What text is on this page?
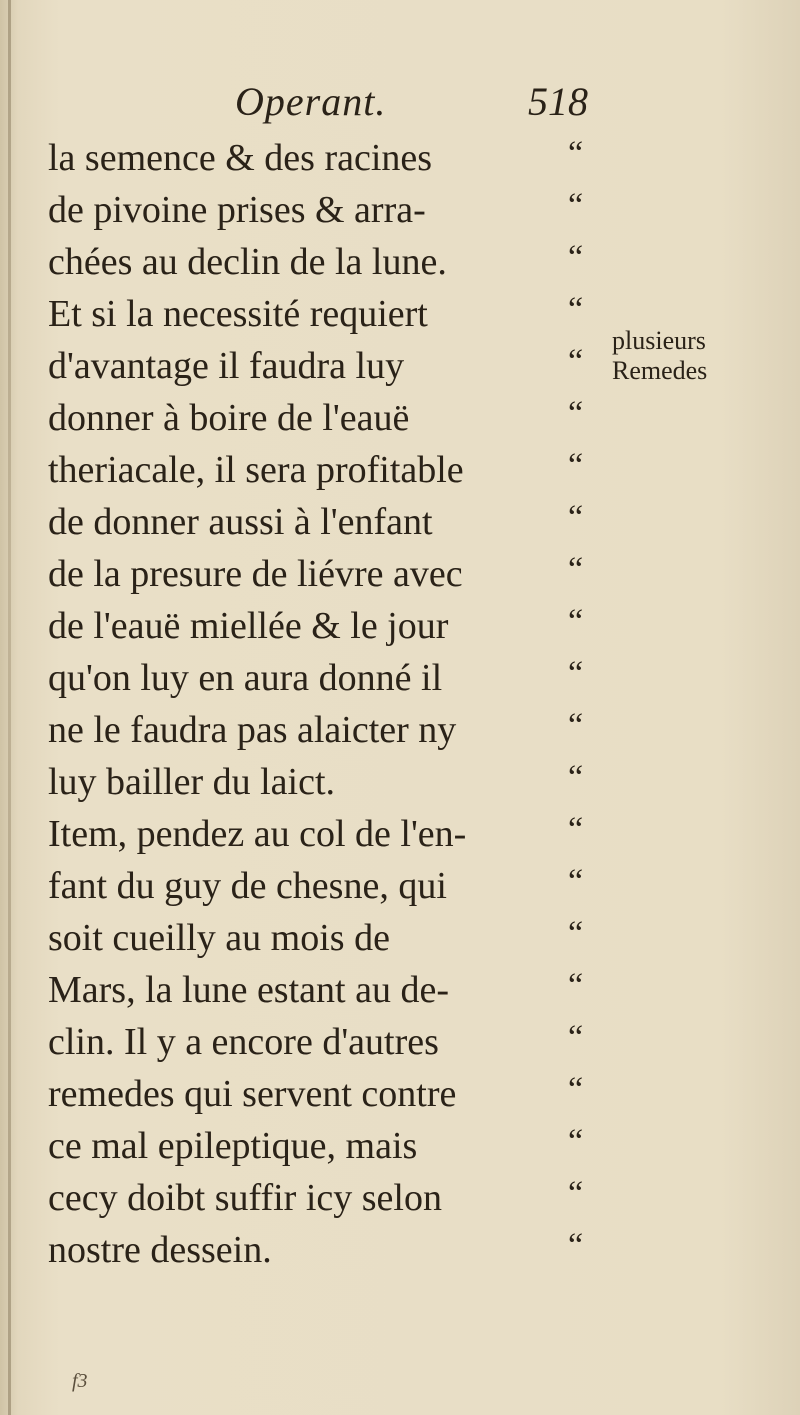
Operant.	518
la semence & des racines	“
de pivoine prises & arra-	“
chées au declin de la lune.	“
Et si la necessité requiert	“
d'avantage il faudra luy	“
donner à boire de l'eauë	“
theriacale, il sera profitable	“
de donner aussi à l'enfant	“
de la presure de liévre avec	“
de l'eauë miellée & le jour	“
qu'on luy en aura donné il	“
ne le faudra pas alaicter ny	“
luy bailler du laict.	“
Item, pendez au col de l'en-	“
fant du guy de chesne, qui	“
soit cueilly au mois de	“
Mars, la lune estant au de-	“
clin. Il y a encore d'autres	“
remedes qui servent contre	“
ce mal epileptique, mais	“
cecy doibt suffir icy selon	“
nostre dessein.	“
plusieurs
Remedes
f3
